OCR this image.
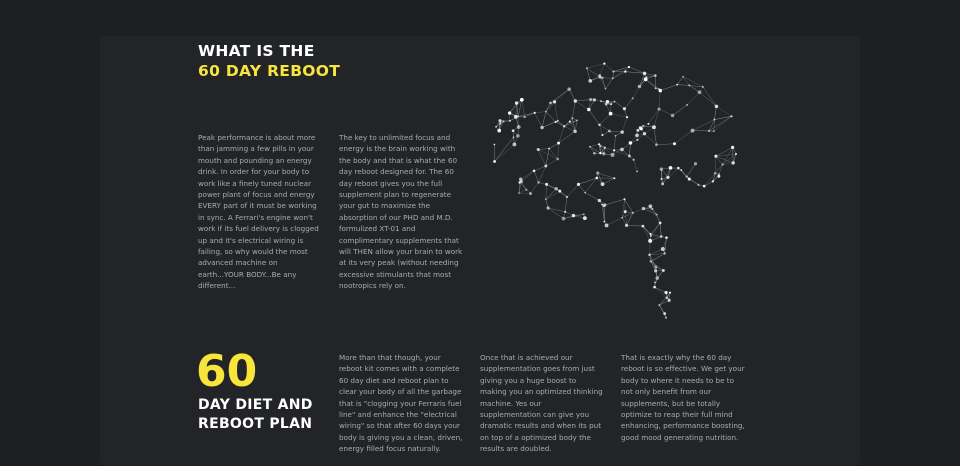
WHAT IS THE
60 DAY REBOOT

Peak performance is about more than jamming a few pills in your mouth and pounding an energy drink. In order for your body to work like a finely tuned nuclear power plant of focus and energy EVERY part of it must be working in sync. A Ferrari's engine won't work if its fuel delivery is clogged up and it's electrical wiring is failing, so why would the most advanced machine on earth...YOUR BODY...Be any different...

The key to unlimited focus and energy is the brain working with the body and that is what the 60 day reboot designed for. The 60 day reboot gives you the full supplement plan to regenerate your gut to maximize the absorption of our PHD and M.D. formulized XT-01 and complimentary supplements that will THEN allow your brain to work at its very peak (without needing excessive stimulants that most nootropics rely on.

60
DAY DIET AND
REBOOT PLAN

More than that though, your reboot kit comes with a complete 60 day diet and reboot plan to clear your body of all the garbage that is "clogging your Ferraris fuel line" and enhance the "electrical wiring" so that after 60 days your body is giving you a clean, driven, energy filled focus naturally.

Once that is achieved our supplementation goes from just giving you a huge boost to making you an optimized thinking machine. Yes our supplementation can give you dramatic results and when its put on top of a optimized body the results are doubled.

That is exactly why the 60 day reboot is so effective. We get your body to where it needs to be to not only benefit from our supplements, but be totally optimize to reap their full mind enhancing, performance boosting, good mood generating nutrition.
